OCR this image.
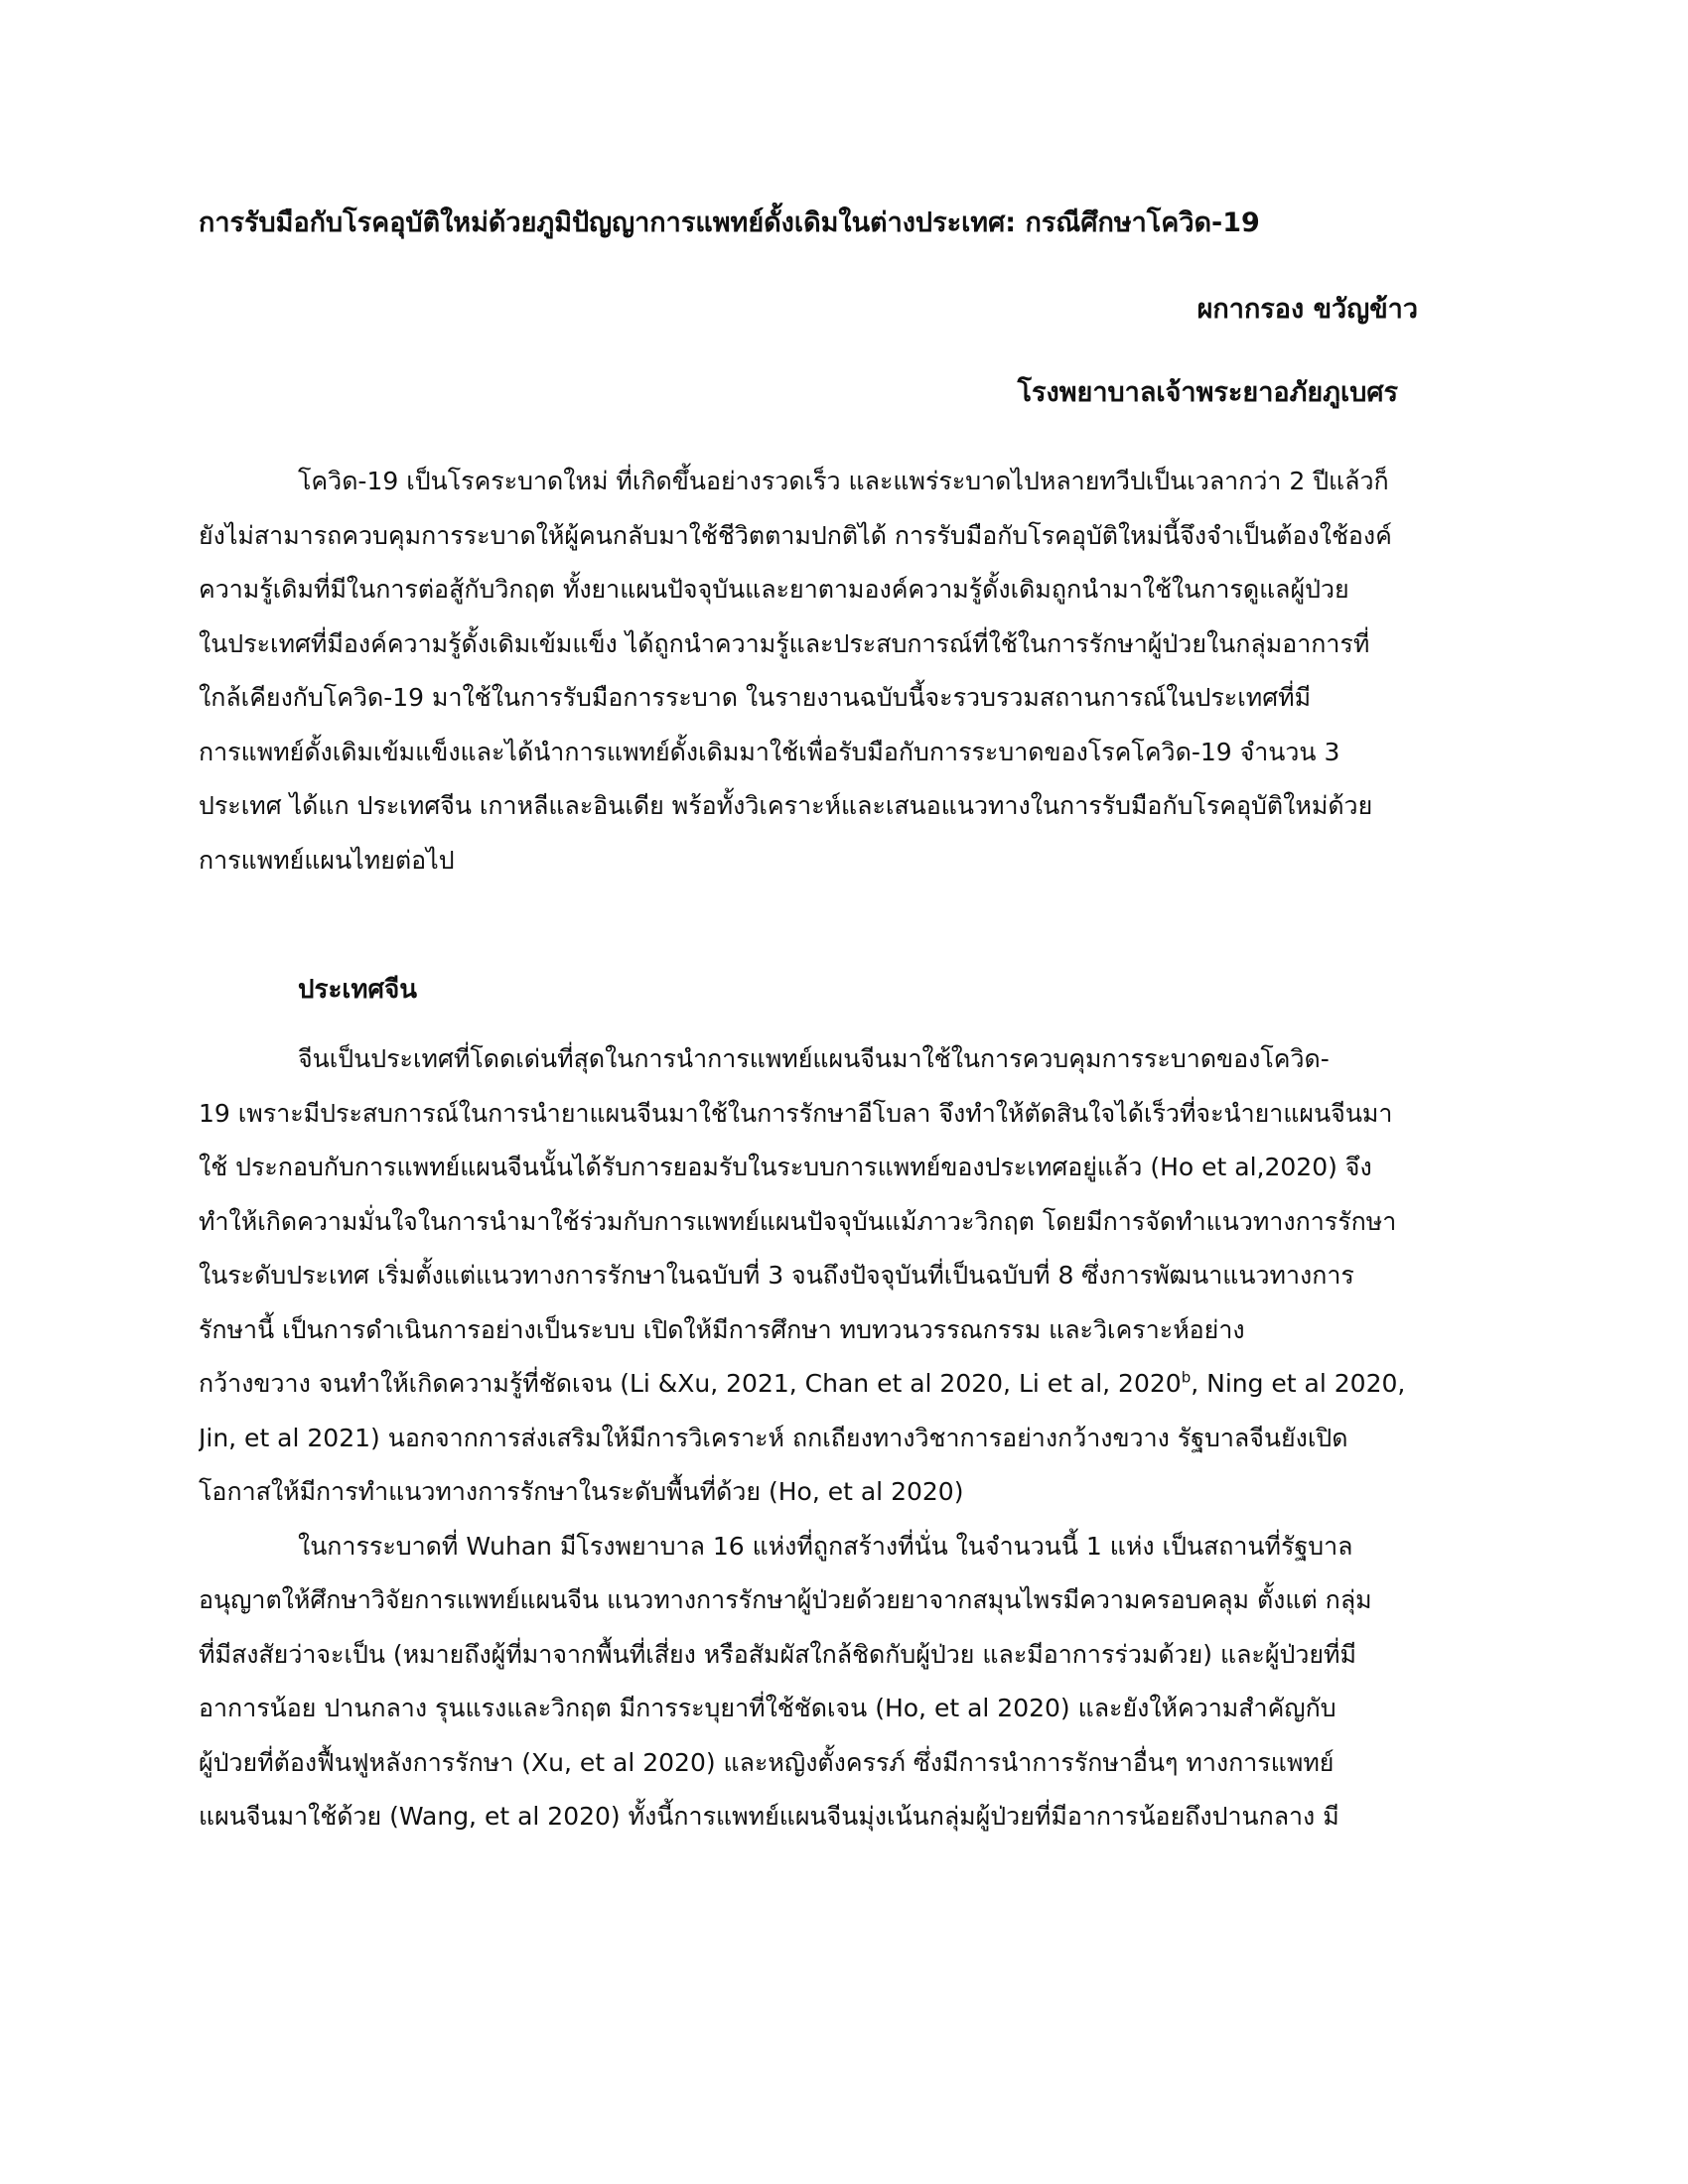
การรับมือกับโรคอุบัติใหม่ด้วยภูมิปัญญาการแพทย์ดั้งเดิมในต่างประเทศ: กรณีศึกษาโควิด-19
ผกากรอง ขวัญข้าว
โรงพยาบาลเจ้าพระยาอภัยภูเบศร
โควิด-19 เป็นโรคระบาดใหม่ ที่เกิดขึ้นอย่างรวดเร็ว และแพร่ระบาดไปหลายทวีปเป็นเวลากว่า 2 ปีแล้วก็
ยังไม่สามารถควบคุมการระบาดให้ผู้คนกลับมาใช้ชีวิตตามปกติได้ การรับมือกับโรคอุบัติใหม่นี้จึงจำเป็นต้องใช้องค์
ความรู้เดิมที่มีในการต่อสู้กับวิกฤต ทั้งยาแผนปัจจุบันและยาตามองค์ความรู้ดั้งเดิมถูกนำมาใช้ในการดูแลผู้ป่วย
ในประเทศที่มีองค์ความรู้ดั้งเดิมเข้มแข็ง ได้ถูกนำความรู้และประสบการณ์ที่ใช้ในการรักษาผู้ป่วยในกลุ่มอาการที่
ใกล้เคียงกับโควิด-19 มาใช้ในการรับมือการระบาด ในรายงานฉบับนี้จะรวบรวมสถานการณ์ในประเทศที่มี
การแพทย์ดั้งเดิมเข้มแข็งและได้นำการแพทย์ดั้งเดิมมาใช้เพื่อรับมือกับการระบาดของโรคโควิด-19 จำนวน 3
ประเทศ ได้แก ประเทศจีน เกาหลีและอินเดีย พร้อทั้งวิเคราะห์และเสนอแนวทางในการรับมือกับโรคอุบัติใหม่ด้วย
การแพทย์แผนไทยต่อไป
ประเทศจีน
จีนเป็นประเทศที่โดดเด่นที่สุดในการนำการแพทย์แผนจีนมาใช้ในการควบคุมการระบาดของโควิด-
19 เพราะมีประสบการณ์ในการนำยาแผนจีนมาใช้ในการรักษาอีโบลา จึงทำให้ตัดสินใจได้เร็วที่จะนำยาแผนจีนมา
ใช้ ประกอบกับการแพทย์แผนจีนนั้นได้รับการยอมรับในระบบการแพทย์ของประเทศอยู่แล้ว (Ho et al,2020) จึง
ทำให้เกิดความมั่นใจในการนำมาใช้ร่วมกับการแพทย์แผนปัจจุบันแม้ภาวะวิกฤต โดยมีการจัดทำแนวทางการรักษา
ในระดับประเทศ เริ่มตั้งแต่แนวทางการรักษาในฉบับที่ 3 จนถึงปัจจุบันที่เป็นฉบับที่ 8 ซึ่งการพัฒนาแนวทางการ
รักษานี้ เป็นการดำเนินการอย่างเป็นระบบ เปิดให้มีการศึกษา ทบทวนวรรณกรรม และวิเคราะห์อย่าง
กว้างขวาง จนทำให้เกิดความรู้ที่ชัดเจน (Li &Xu, 2021, Chan et al 2020, Li et al, 2020$^b$, Ning et al 2020,
Jin, et al 2021) นอกจากการส่งเสริมให้มีการวิเคราะห์ ถกเถียงทางวิชาการอย่างกว้างขวาง รัฐบาลจีนยังเปิด
โอกาสให้มีการทำแนวทางการรักษาในระดับพื้นที่ด้วย (Ho, et al 2020)
ในการระบาดที่ Wuhan มีโรงพยาบาล 16 แห่งที่ถูกสร้างที่นั่น ในจำนวนนี้ 1 แห่ง เป็นสถานที่รัฐบาล
อนุญาตให้ศึกษาวิจัยการแพทย์แผนจีน แนวทางการรักษาผู้ป่วยด้วยยาจากสมุนไพรมีความครอบคลุม ตั้งแต่ กลุ่ม
ที่มีสงสัยว่าจะเป็น (หมายถึงผู้ที่มาจากพื้นที่เสี่ยง หรือสัมผัสใกล้ชิดกับผู้ป่วย และมีอาการร่วมด้วย) และผู้ป่วยที่มี
อาการน้อย ปานกลาง รุนแรงและวิกฤต มีการระบุยาที่ใช้ชัดเจน (Ho, et al 2020) และยังให้ความสำคัญกับ
ผู้ป่วยที่ต้องฟื้นฟูหลังการรักษา (Xu, et al 2020) และหญิงตั้งครรภ์ ซึ่งมีการนำการรักษาอื่นๆ ทางการแพทย์
แผนจีนมาใช้ด้วย (Wang, et al 2020) ทั้งนี้การแพทย์แผนจีนมุ่งเน้นกลุ่มผู้ป่วยที่มีอาการน้อยถึงปานกลาง มี
